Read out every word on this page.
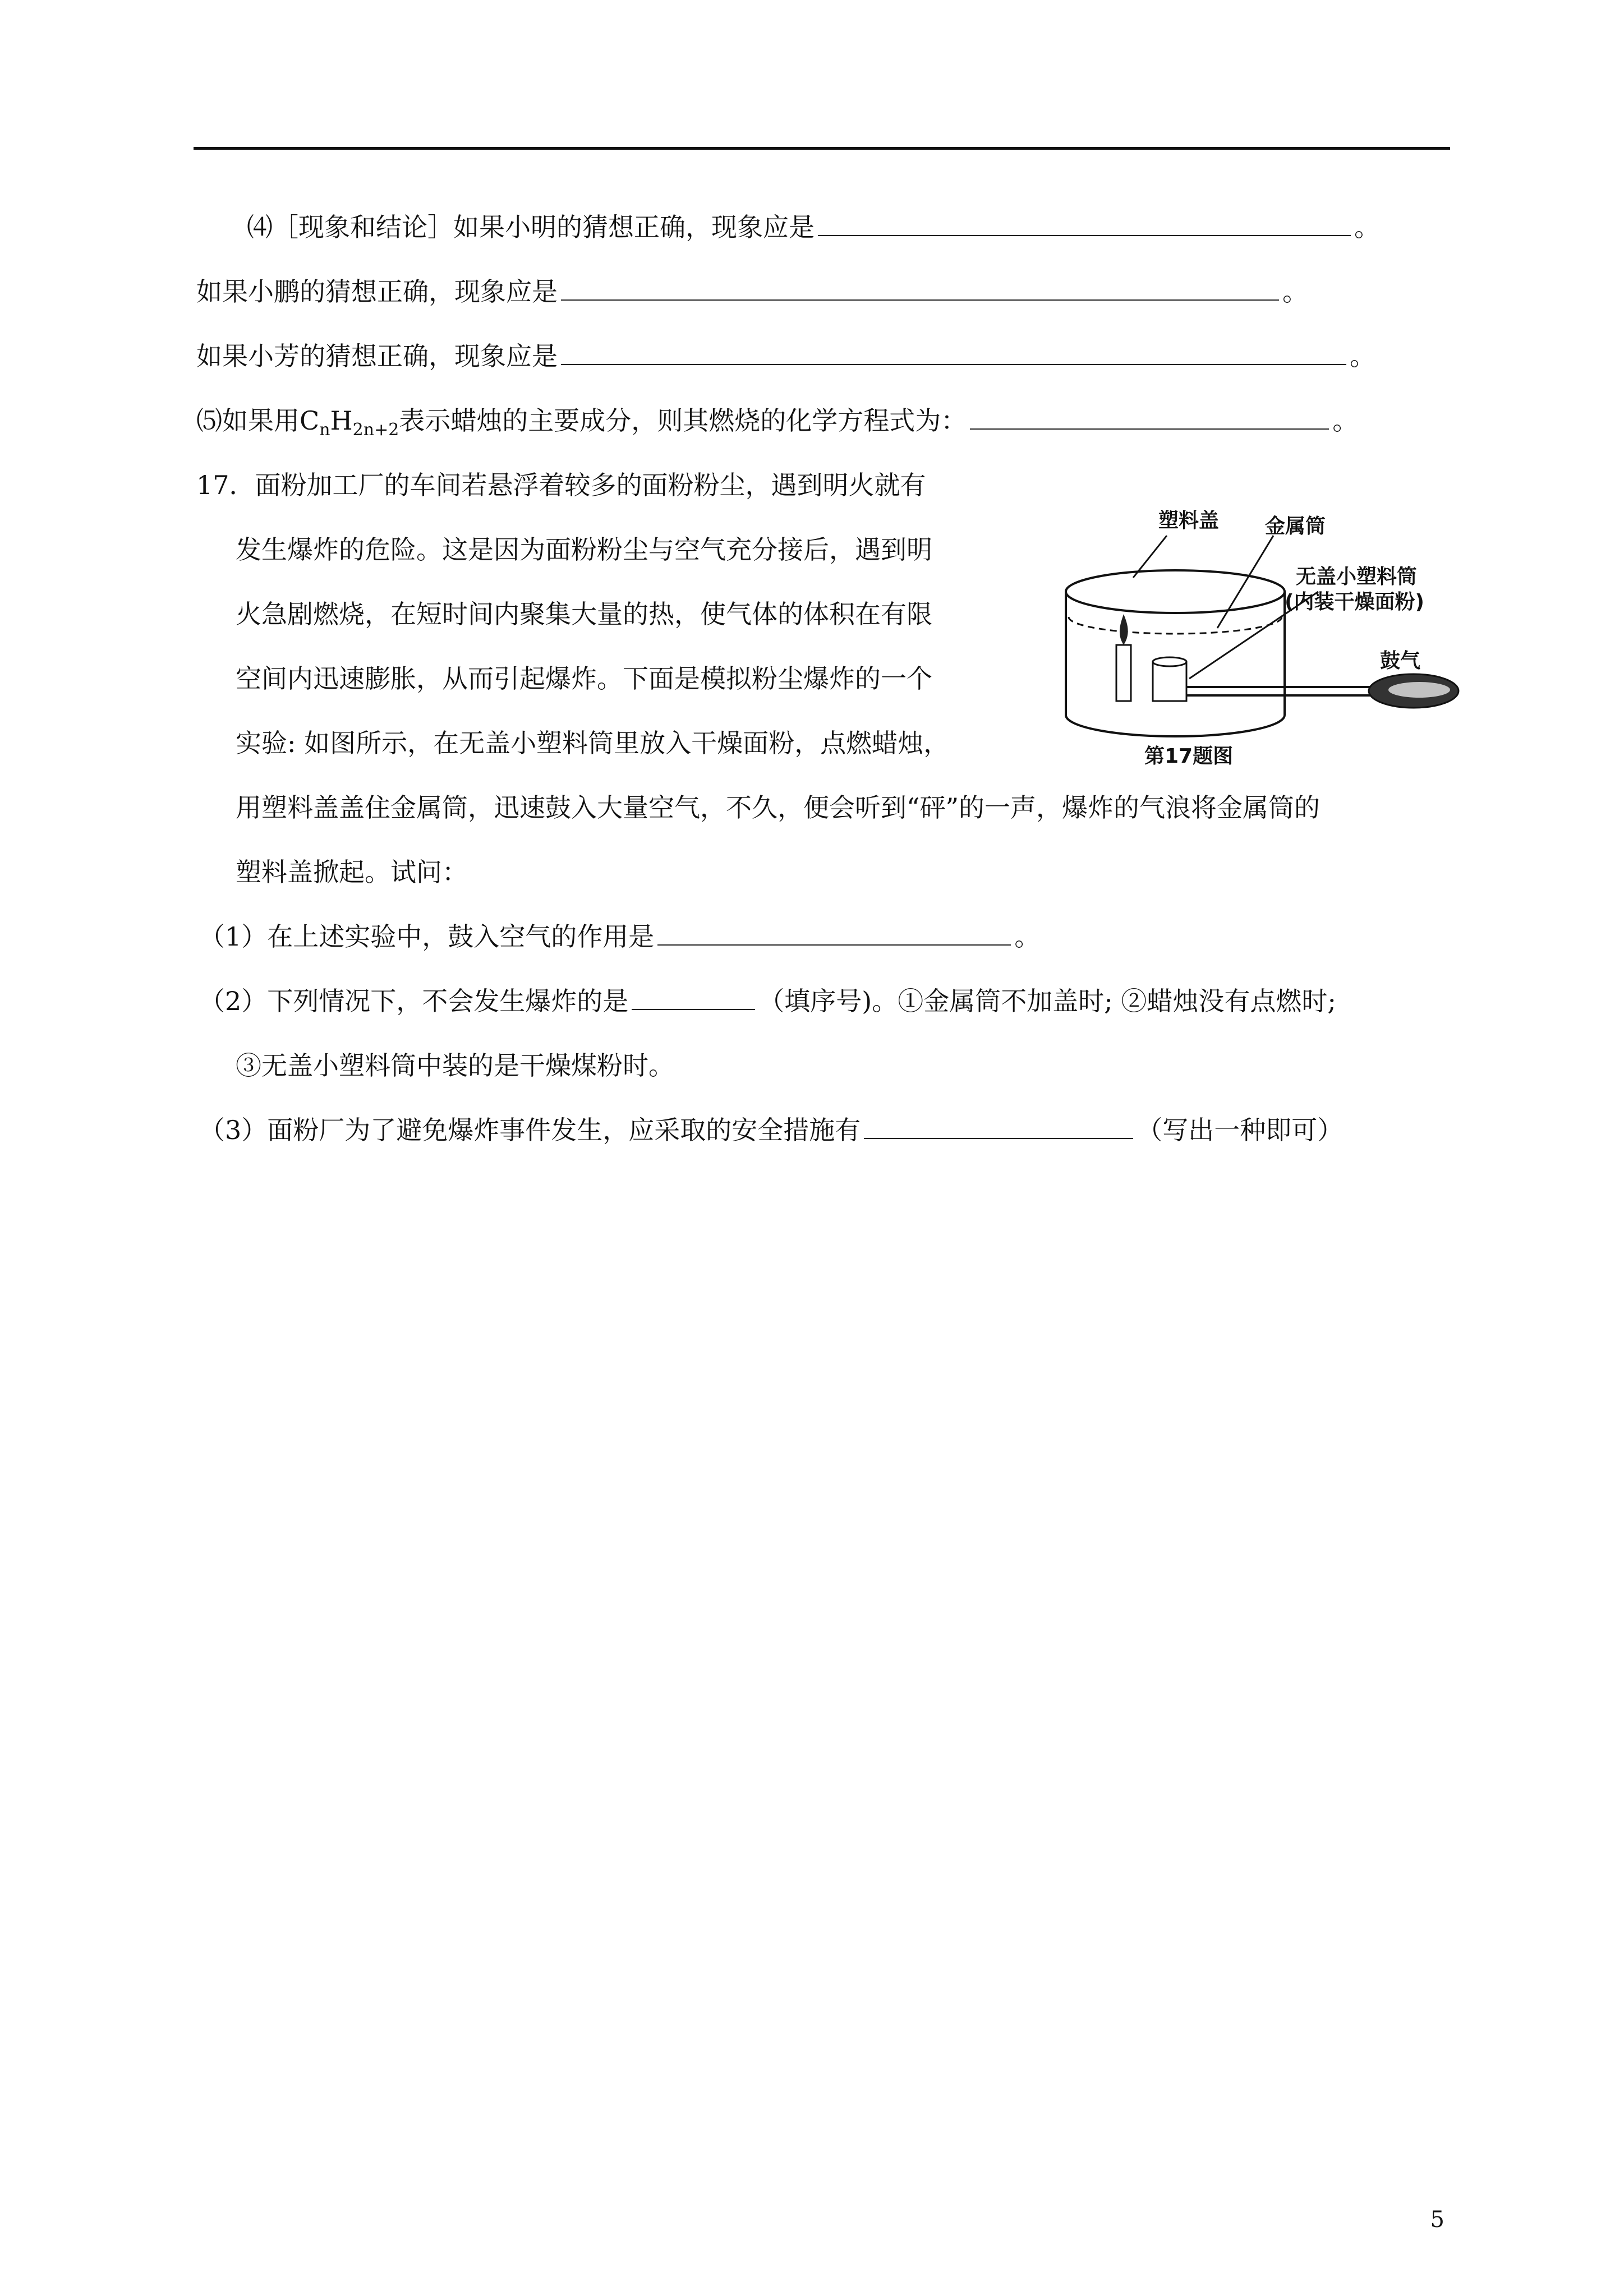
⑷［现象和结论］如果小明的猜想正确，现象应是	。
如果小鹏的猜想正确，现象应是	。
如果小芳的猜想正确，现象应是	。
⑸如果用$C_nH_{2n+2}$表示蜡烛的主要成分，则其燃烧的化学方程式为：	。
17．面粉加工厂的车间若悬浮着较多的面粉粉尘，遇到明火就有
发生爆炸的危险。这是因为面粉粉尘与空气充分接后，遇到明
火急剧燃烧，在短时间内聚集大量的热，使气体的体积在有限
空间内迅速膨胀，从而引起爆炸。下面是模拟粉尘爆炸的一个
实验: 如图所示，在无盖小塑料筒里放入干燥面粉，点燃蜡烛，
用塑料盖盖住金属筒，迅速鼓入大量空气，不久，便会听到“砰”的一声，爆炸的气浪将金属筒的
塑料盖掀起。试问：
（1）在上述实验中，鼓入空气的作用是	。
（2）下列情况下，不会发生爆炸的是	（填序号)。①金属筒不加盖时; ②蜡烛没有点燃时;
③无盖小塑料筒中装的是干燥煤粉时。
（3）面粉厂为了避免爆炸事件发生，应采取的安全措施有	（写出一种即可）
塑料盖 金属筒
无盖小塑料筒
(内装干燥面粉)
鼓气
第17题图
5
